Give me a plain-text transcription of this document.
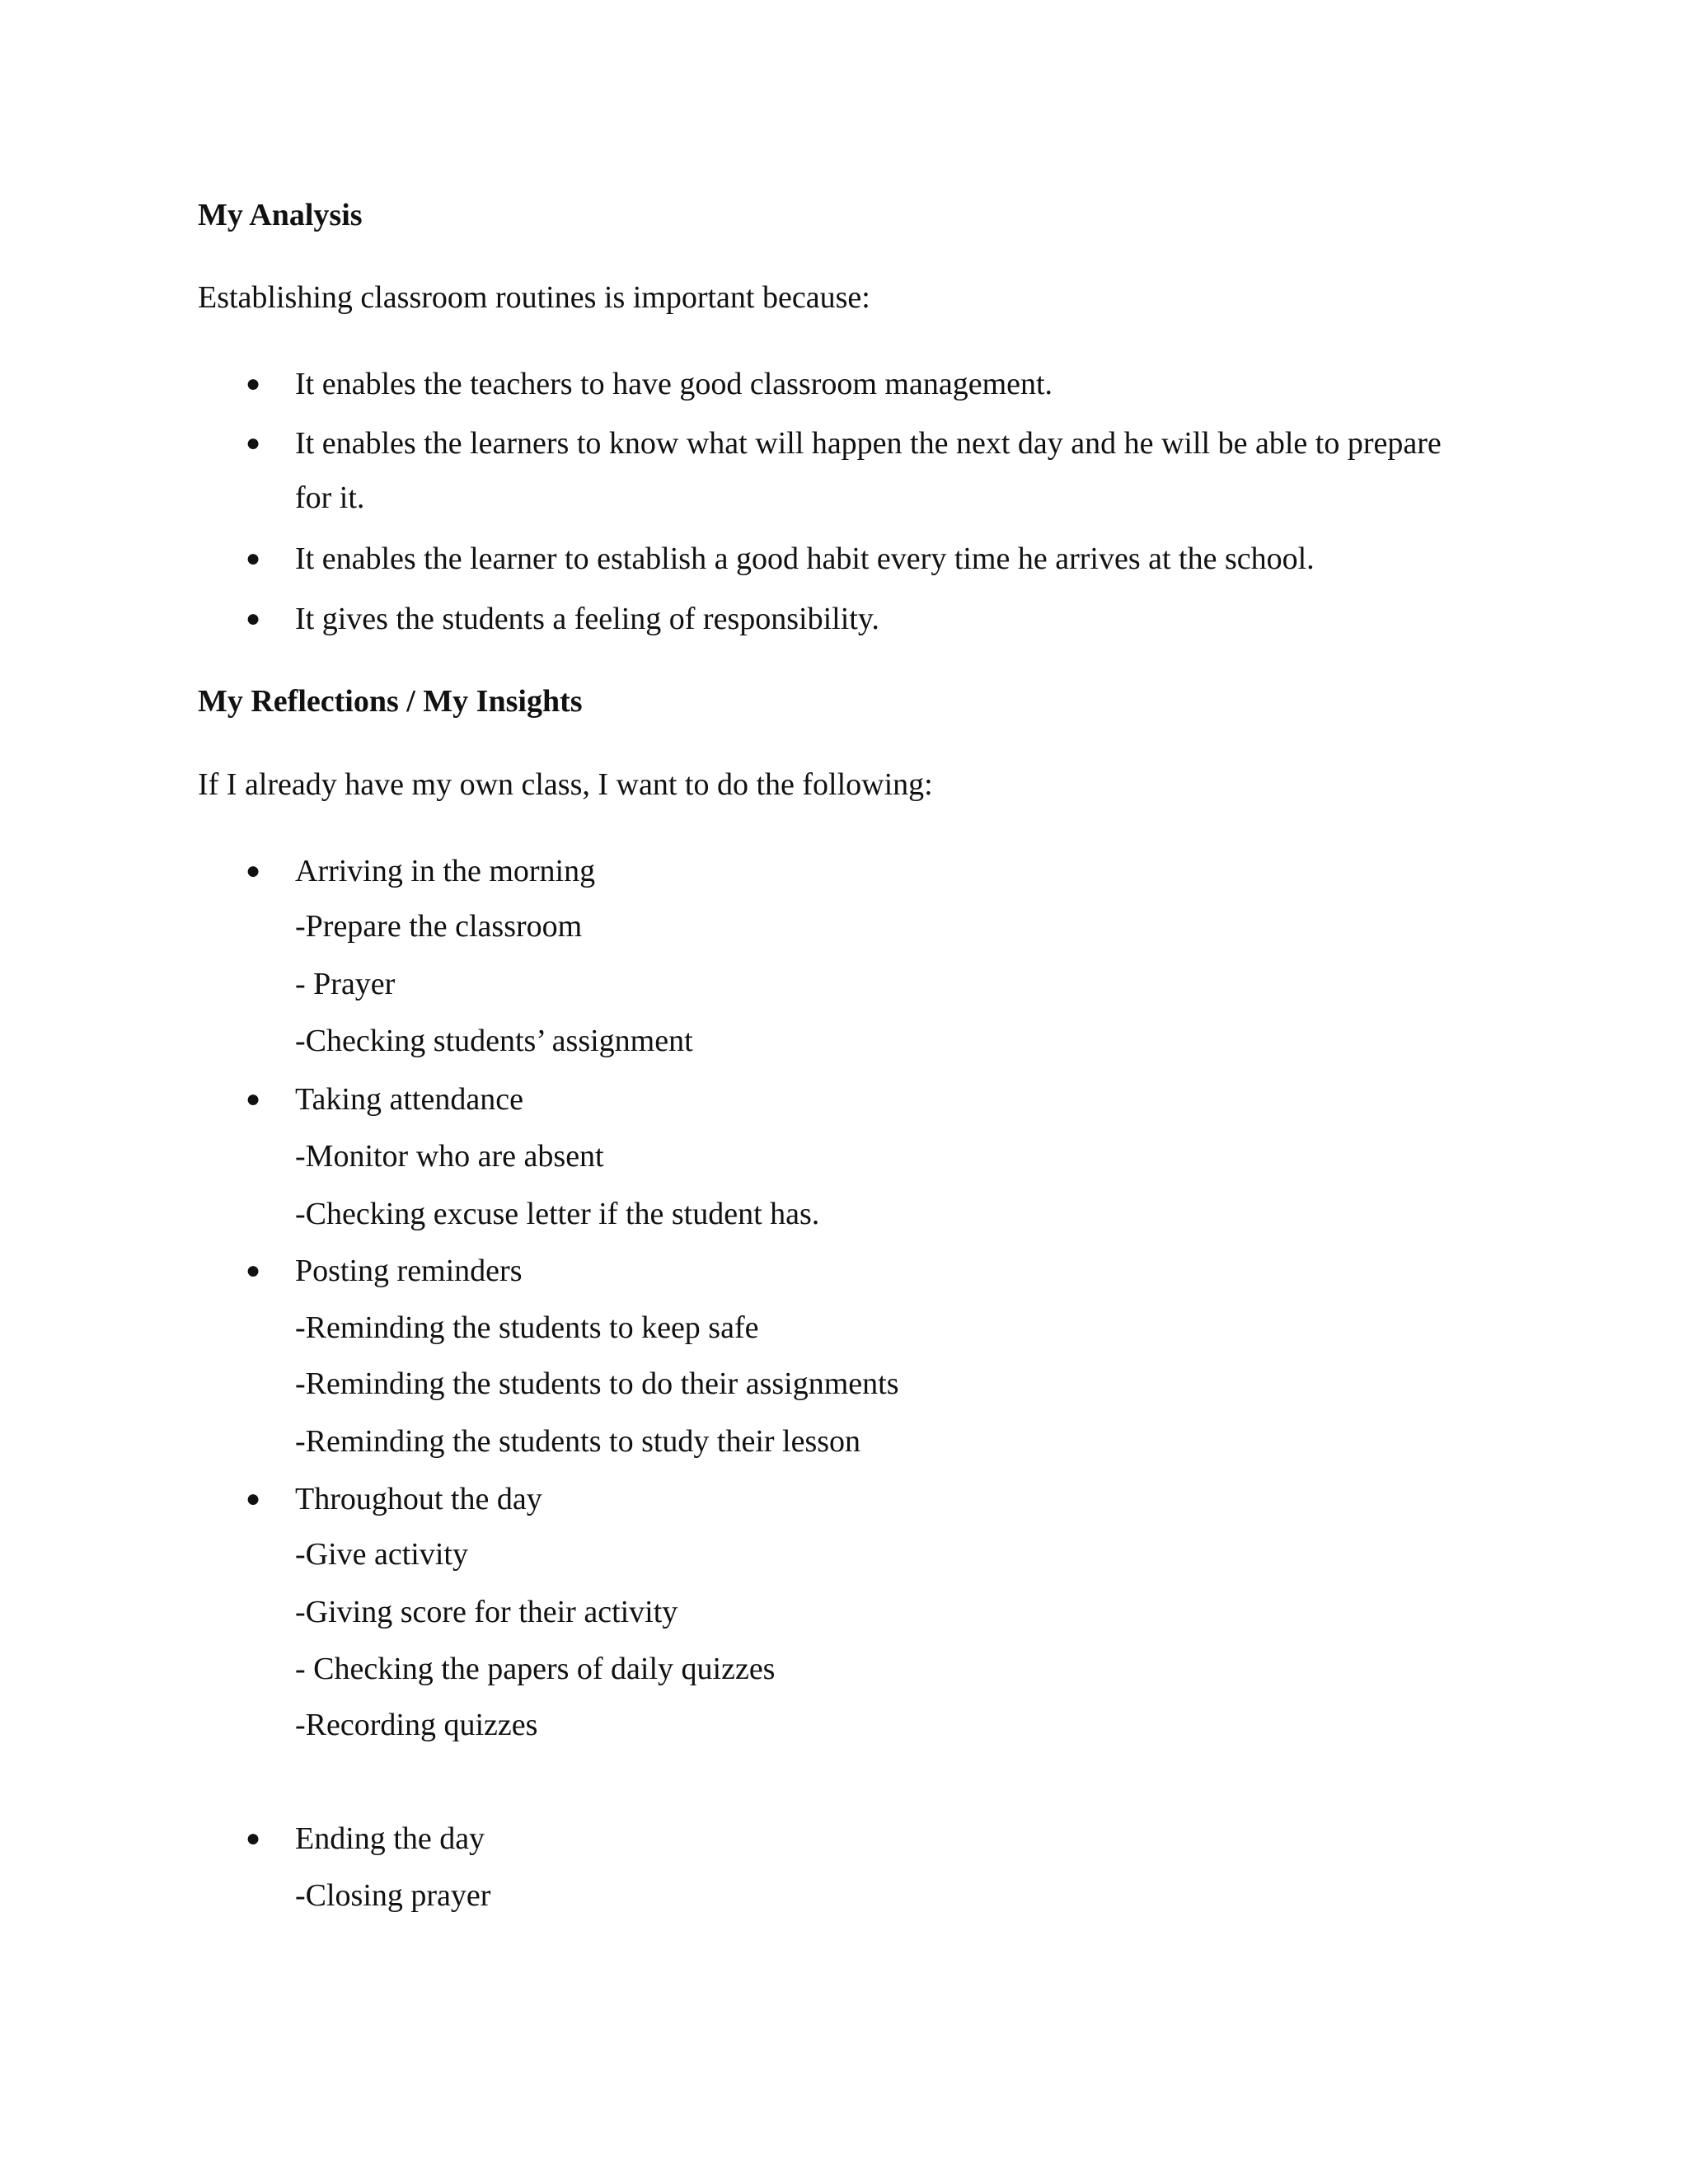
My Analysis
Establishing classroom routines is important because:
● It enables the teachers to have good classroom management.
● It enables the learners to know what will happen the next day and he will be able to prepare
for it.
● It enables the learner to establish a good habit every time he arrives at the school.
● It gives the students a feeling of responsibility.
My Reflections / My Insights
If I already have my own class, I want to do the following:
● Arriving in the morning
-Prepare the classroom
- Prayer
-Checking students’ assignment
● Taking attendance
-Monitor who are absent
-Checking excuse letter if the student has.
● Posting reminders
-Reminding the students to keep safe
-Reminding the students to do their assignments
-Reminding the students to study their lesson
● Throughout the day
-Give activity
-Giving score for their activity
- Checking the papers of daily quizzes
-Recording quizzes
● Ending the day
-Closing prayer
